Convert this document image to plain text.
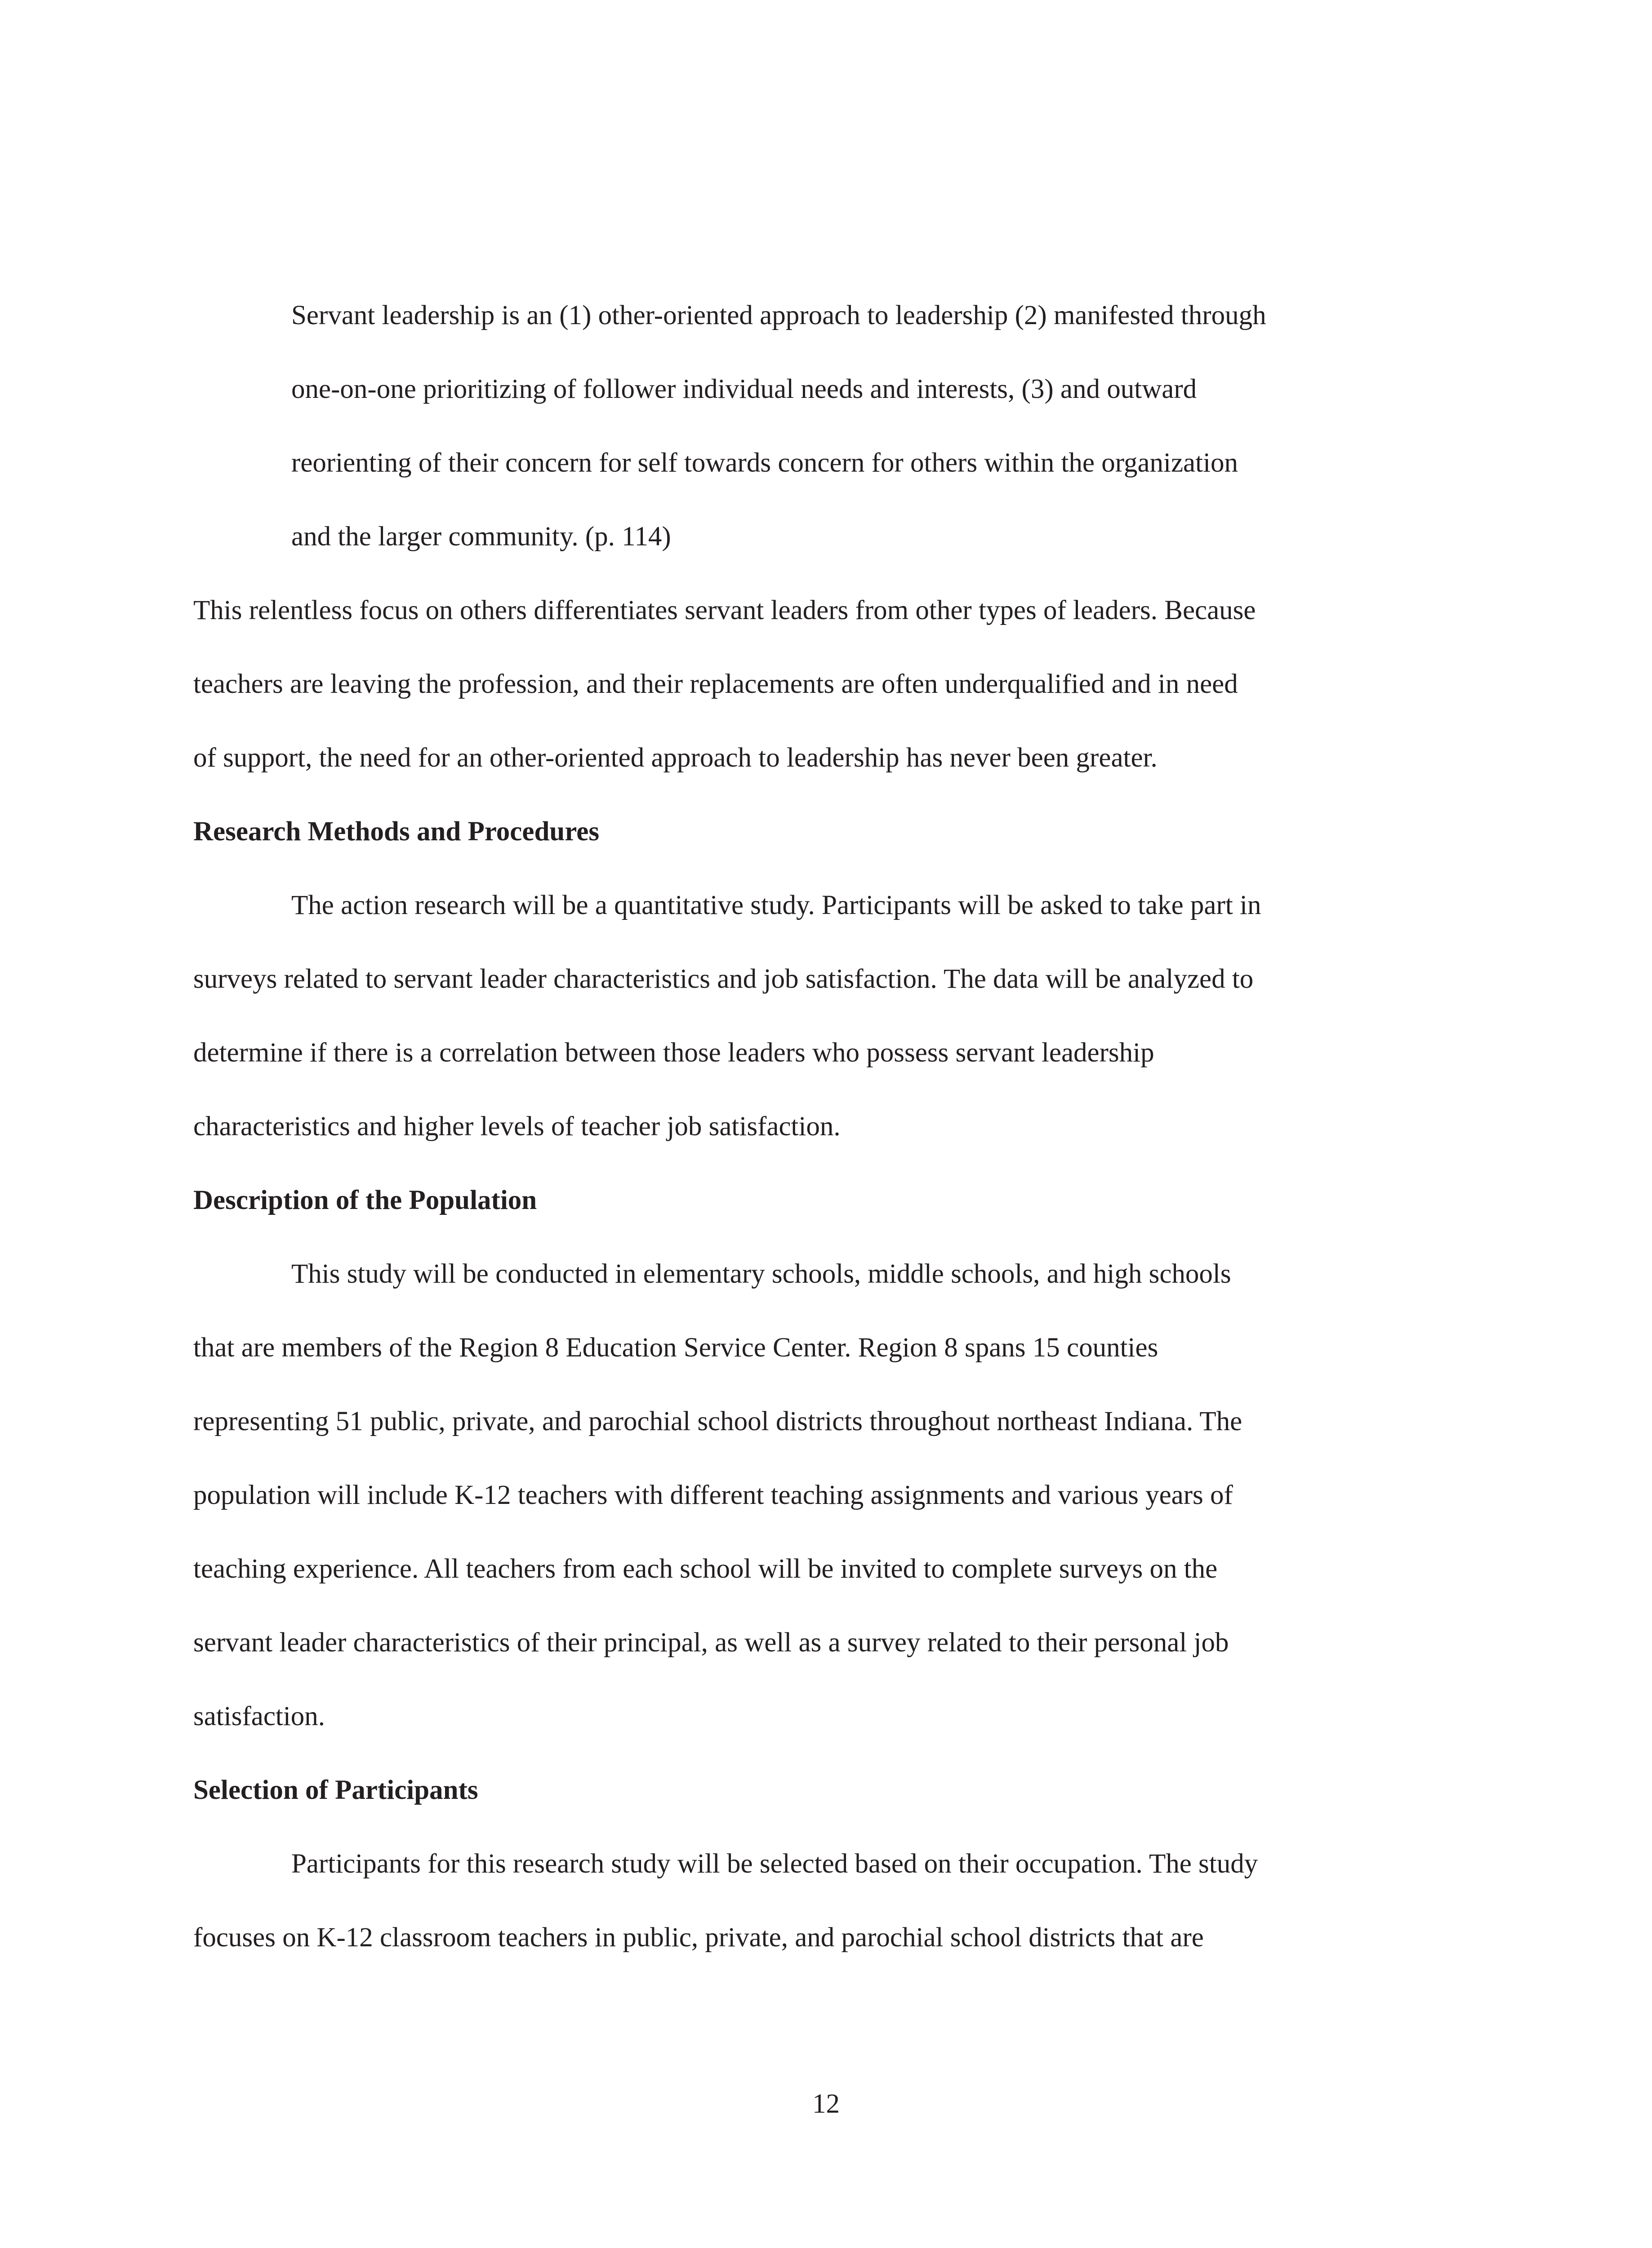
Servant leadership is an (1) other-oriented approach to leadership (2) manifested through

one-on-one prioritizing of follower individual needs and interests, (3) and outward

reorienting of their concern for self towards concern for others within the organization

and the larger community. (p. 114)

This relentless focus on others differentiates servant leaders from other types of leaders. Because

teachers are leaving the profession, and their replacements are often underqualified and in need

of support, the need for an other-oriented approach to leadership has never been greater.

Research Methods and Procedures

The action research will be a quantitative study. Participants will be asked to take part in

surveys related to servant leader characteristics and job satisfaction. The data will be analyzed to

determine if there is a correlation between those leaders who possess servant leadership

characteristics and higher levels of teacher job satisfaction.

Description of the Population

This study will be conducted in elementary schools, middle schools, and high schools

that are members of the Region 8 Education Service Center. Region 8 spans 15 counties

representing 51 public, private, and parochial school districts throughout northeast Indiana. The

population will include K-12 teachers with different teaching assignments and various years of

teaching experience. All teachers from each school will be invited to complete surveys on the

servant leader characteristics of their principal, as well as a survey related to their personal job

satisfaction.

Selection of Participants

Participants for this research study will be selected based on their occupation. The study

focuses on K-12 classroom teachers in public, private, and parochial school districts that are

12
